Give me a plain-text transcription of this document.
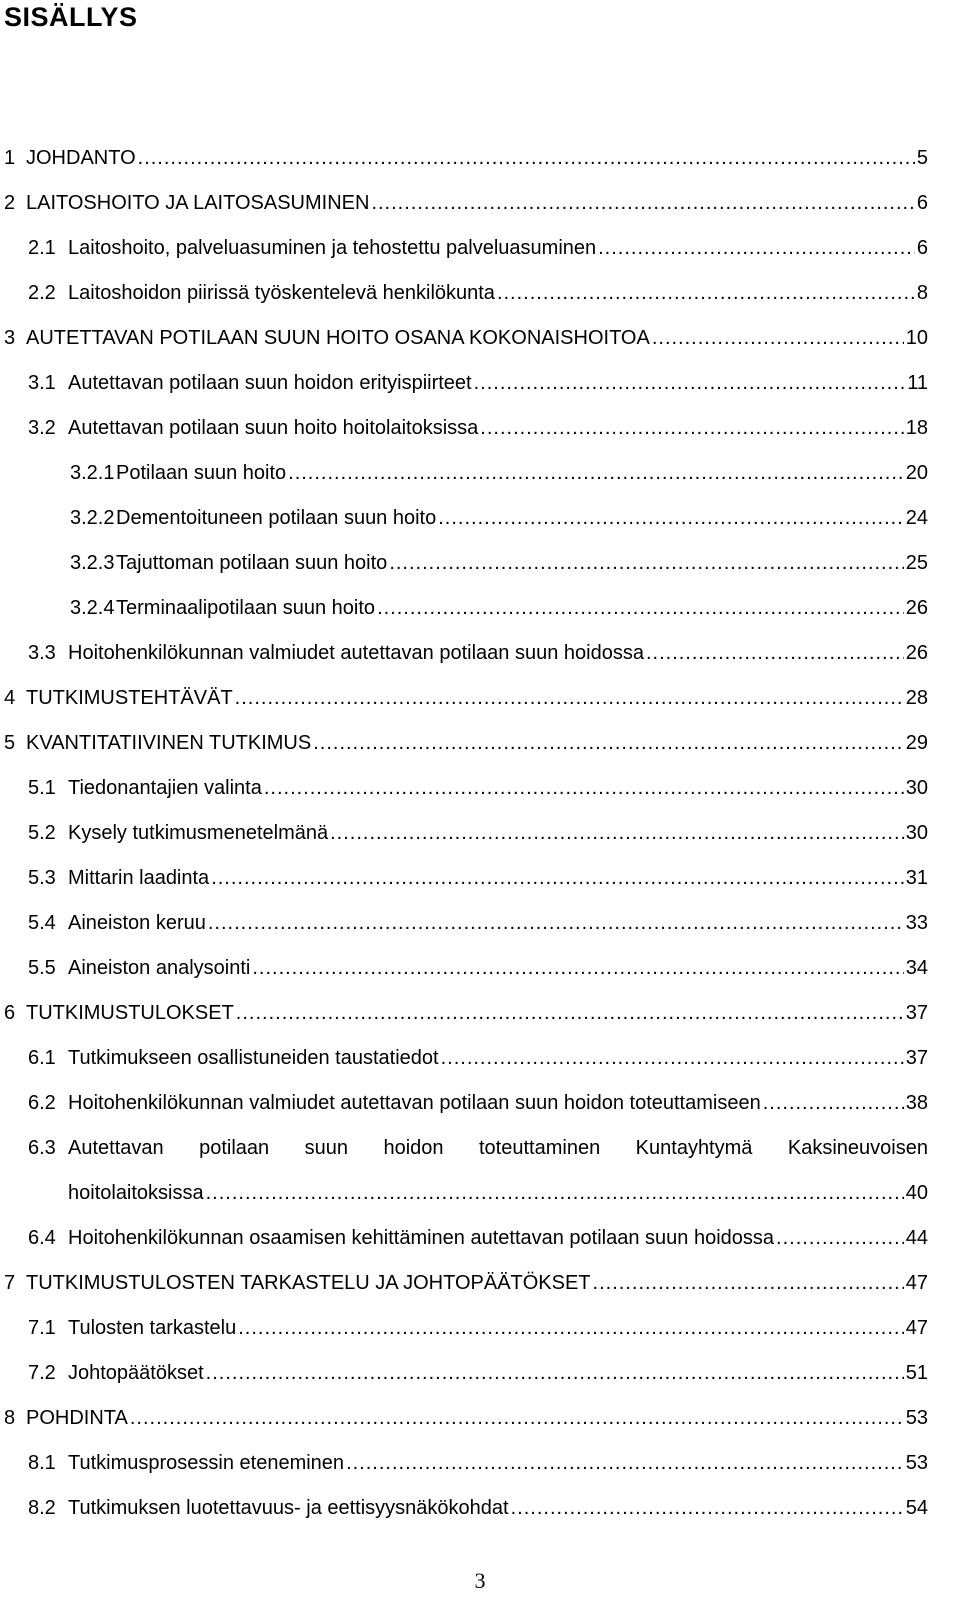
SISÄLLYS
1 JOHDANTO .....	5
2 LAITOSHOITO JA LAITOSASUMINEN .....	6
2.1 Laitoshoito, palveluasuminen ja tehostettu palveluasuminen .....	6
2.2 Laitoshoidon piirissä työskentelevä henkilökunta .....	8
3 AUTETTAVAN POTILAAN SUUN HOITO OSANA KOKONAISHOITOA .....	10
3.1 Autettavan potilaan suun hoidon erityispiirteet .....	11
3.2 Autettavan potilaan suun hoito hoitolaitoksissa .....	18
3.2.1 Potilaan suun hoito .....	20
3.2.2 Dementoituneen potilaan suun hoito .....	24
3.2.3 Tajuttoman potilaan suun hoito .....	25
3.2.4 Terminaalipotilaan suun hoito .....	26
3.3 Hoitohenkilökunnan valmiudet autettavan potilaan suun hoidossa .....	26
4 TUTKIMUSTEHTÄVÄT .....	28
5 KVANTITATIIVINEN TUTKIMUS .....	29
5.1 Tiedonantajien valinta .....	30
5.2 Kysely tutkimusmenetelmänä .....	30
5.3 Mittarin laadinta .....	31
5.4 Aineiston keruu .....	33
5.5 Aineiston analysointi .....	34
6 TUTKIMUSTULOKSET .....	37
6.1 Tutkimukseen osallistuneiden taustatiedot .....	37
6.2 Hoitohenkilökunnan valmiudet autettavan potilaan suun hoidon toteuttamiseen .....	38
6.3 Autettavan potilaan suun hoidon toteuttaminen Kuntayhtymä Kaksineuvoisen
hoitolaitoksissa .....	40
6.4 Hoitohenkilökunnan osaamisen kehittäminen autettavan potilaan suun hoidossa .....	44
7 TUTKIMUSTULOSTEN TARKASTELU JA JOHTOPÄÄTÖKSET .....	47
7.1 Tulosten tarkastelu .....	47
7.2 Johtopäätökset .....	51
8 POHDINTA .....	53
8.1 Tutkimusprosessin eteneminen .....	53
8.2 Tutkimuksen luotettavuus- ja eettisyysnäkökohdat .....	54
3
